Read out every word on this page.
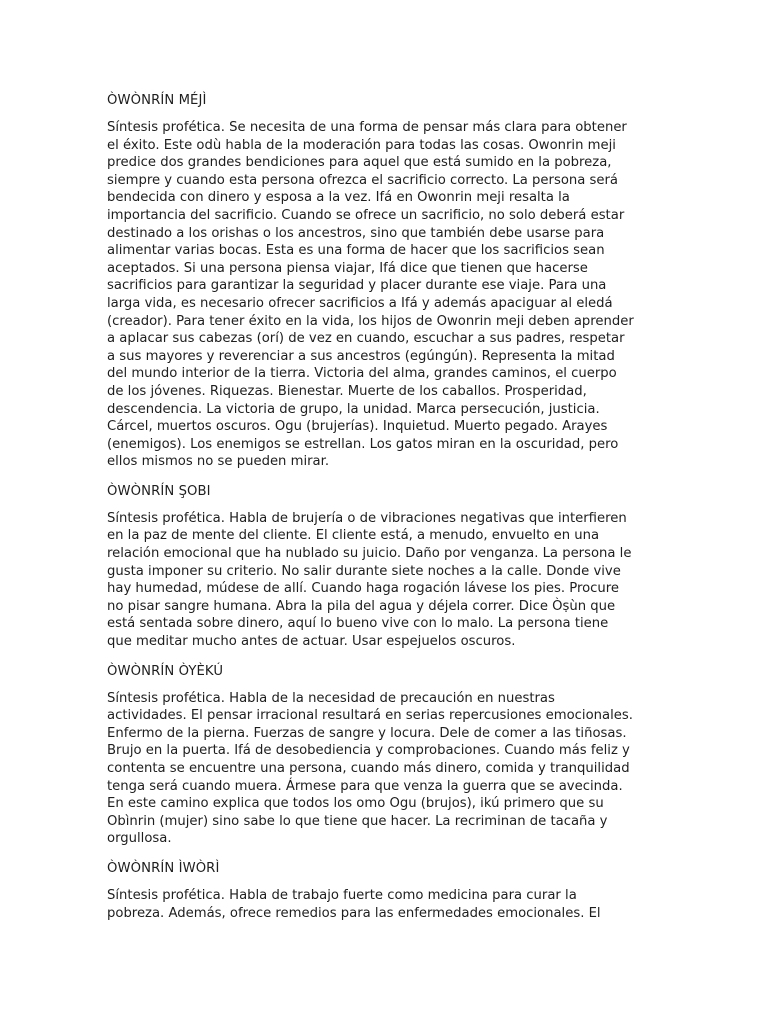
ÒWÒNRÍN MÉJÌ
Síntesis profética. Se necesita de una forma de pensar más clara para obtener
el éxito. Este odù habla de la moderación para todas las cosas. Owonrin meji
predice dos grandes bendiciones para aquel que está sumido en la pobreza,
siempre y cuando esta persona ofrezca el sacrificio correcto. La persona será
bendecida con dinero y esposa a la vez. Ifá en Owonrin meji resalta la
importancia del sacrificio. Cuando se ofrece un sacrificio, no solo deberá estar
destinado a los orishas o los ancestros, sino que también debe usarse para
alimentar varias bocas. Esta es una forma de hacer que los sacrificios sean
aceptados. Si una persona piensa viajar, Ifá dice que tienen que hacerse
sacrificios para garantizar la seguridad y placer durante ese viaje. Para una
larga vida, es necesario ofrecer sacrificios a Ifá y además apaciguar al eledá
(creador). Para tener éxito en la vida, los hijos de Owonrin meji deben aprender
a aplacar sus cabezas (orí) de vez en cuando, escuchar a sus padres, respetar
a sus mayores y reverenciar a sus ancestros (egúngún). Representa la mitad
del mundo interior de la tierra. Victoria del alma, grandes caminos, el cuerpo
de los jóvenes. Riquezas. Bienestar. Muerte de los caballos. Prosperidad,
descendencia. La victoria de grupo, la unidad. Marca persecución, justicia.
Cárcel, muertos oscuros. Ogu (brujerías). Inquietud. Muerto pegado. Arayes
(enemigos). Los enemigos se estrellan. Los gatos miran en la oscuridad, pero
ellos mismos no se pueden mirar.
ÒWÒNRÍN ŞOBI
Síntesis profética. Habla de brujería o de vibraciones negativas que interfieren
en la paz de mente del cliente. El cliente está, a menudo, envuelto en una
relación emocional que ha nublado su juicio. Daño por venganza. La persona le
gusta imponer su criterio. No salir durante siete noches a la calle. Donde vive
hay humedad, múdese de allí. Cuando haga rogación lávese los pies. Procure
no pisar sangre humana. Abra la pila del agua y déjela correr. Dice Òṣùn que
está sentada sobre dinero, aquí lo bueno vive con lo malo. La persona tiene
que meditar mucho antes de actuar. Usar espejuelos oscuros.
ÒWÒNRÍN ÒYÈKÚ
Síntesis profética. Habla de la necesidad de precaución en nuestras
actividades. El pensar irracional resultará en serias repercusiones emocionales.
Enfermo de la pierna. Fuerzas de sangre y locura. Dele de comer a las tiñosas.
Brujo en la puerta. Ifá de desobediencia y comprobaciones. Cuando más feliz y
contenta se encuentre una persona, cuando más dinero, comida y tranquilidad
tenga será cuando muera. Ármese para que venza la guerra que se avecinda.
En este camino explica que todos los omo Ogu (brujos), ikú primero que su
Obìnrin (mujer) sino sabe lo que tiene que hacer. La recriminan de tacaña y
orgullosa.
ÒWÒNRÍN ÌWÒRÌ
Síntesis profética. Habla de trabajo fuerte como medicina para curar la
pobreza. Además, ofrece remedios para las enfermedades emocionales. El
